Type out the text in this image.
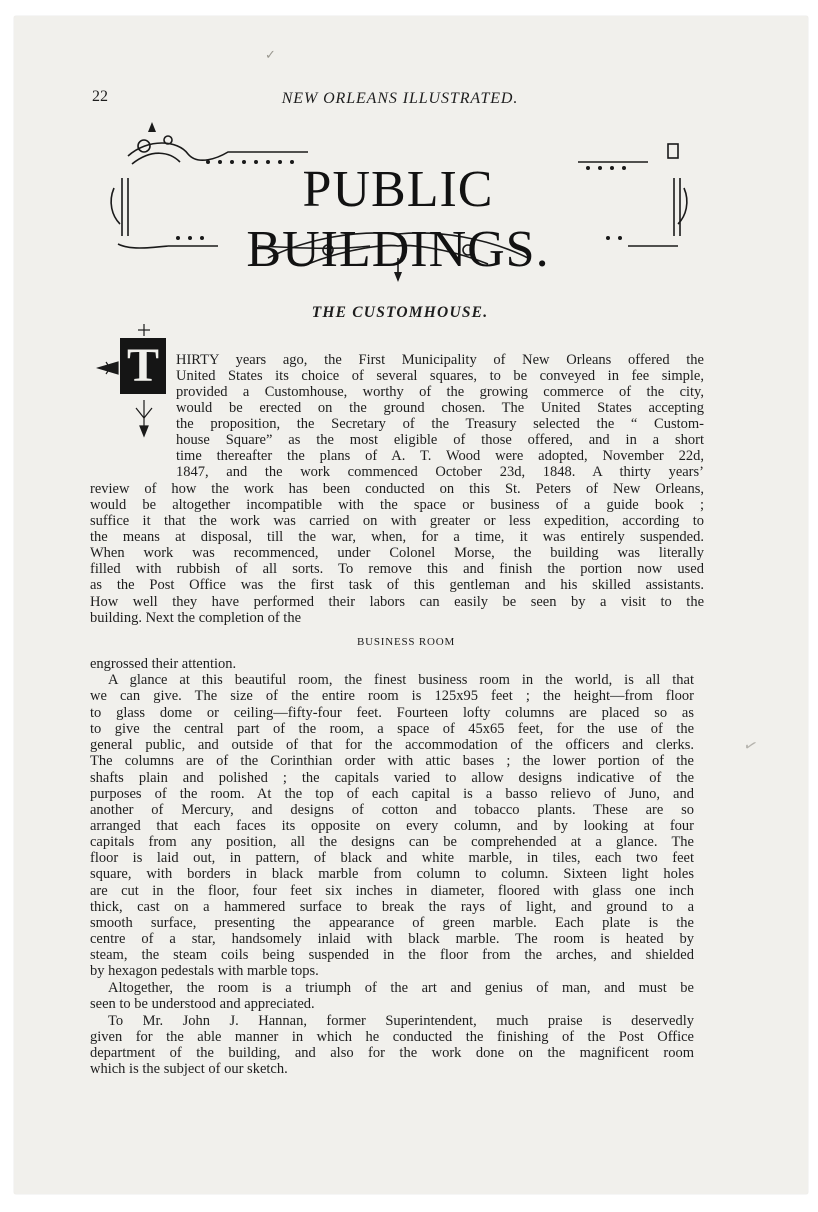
✓
✓
22	NEW ORLEANS ILLUSTRATED.
PUBLIC BUILDINGS.
THE CUSTOMHOUSE.
T	HIRTY years ago, the First Municipality of New Orleans offered the
United States its choice of several squares, to be conveyed in fee simple,
provided a Customhouse, worthy of the growing commerce of the city,
would be erected on the ground chosen. The United States accepting
the proposition, the Secretary of the Treasury selected the “ Custom-
house Square” as the most eligible of those offered, and in a short
time thereafter the plans of A. T. Wood were adopted, November 22d,
1847, and the work commenced October 23d, 1848. A thirty years’
review of how the work has been conducted on this St. Peters of New Orleans,
would be altogether incompatible with the space or business of a guide book ;
suffice it that the work was carried on with greater or less expedition, according to
the means at disposal, till the war, when, for a time, it was entirely suspended.
When work was recommenced, under Colonel Morse, the building was literally
filled with rubbish of all sorts. To remove this and finish the portion now used
as the Post Office was the first task of this gentleman and his skilled assistants.
How well they have performed their labors can easily be seen by a visit to the
building. Next the completion of the
BUSINESS ROOM
engrossed their attention.
A glance at this beautiful room, the finest business room in the world, is all that
we can give. The size of the entire room is 125x95 feet ; the height—from floor
to glass dome or ceiling—fifty-four feet. Fourteen lofty columns are placed so as
to give the central part of the room, a space of 45x65 feet, for the use of the
general public, and outside of that for the accommodation of the officers and clerks.
The columns are of the Corinthian order with attic bases ; the lower portion of the
shafts plain and polished ; the capitals varied to allow designs indicative of the
purposes of the room. At the top of each capital is a basso relievo of Juno, and
another of Mercury, and designs of cotton and tobacco plants. These are so
arranged that each faces its opposite on every column, and by looking at four
capitals from any position, all the designs can be comprehended at a glance. The
floor is laid out, in pattern, of black and white marble, in tiles, each two feet
square, with borders in black marble from column to column. Sixteen light holes
are cut in the floor, four feet six inches in diameter, floored with glass one inch
thick, cast on a hammered surface to break the rays of light, and ground to a
smooth surface, presenting the appearance of green marble. Each plate is the
centre of a star, handsomely inlaid with black marble. The room is heated by
steam, the steam coils being suspended in the floor from the arches, and shielded
by hexagon pedestals with marble tops.
Altogether, the room is a triumph of the art and genius of man, and must be
seen to be understood and appreciated.
To Mr. John J. Hannan, former Superintendent, much praise is deservedly
given for the able manner in which he conducted the finishing of the Post Office
department of the building, and also for the work done on the magnificent room
which is the subject of our sketch.
